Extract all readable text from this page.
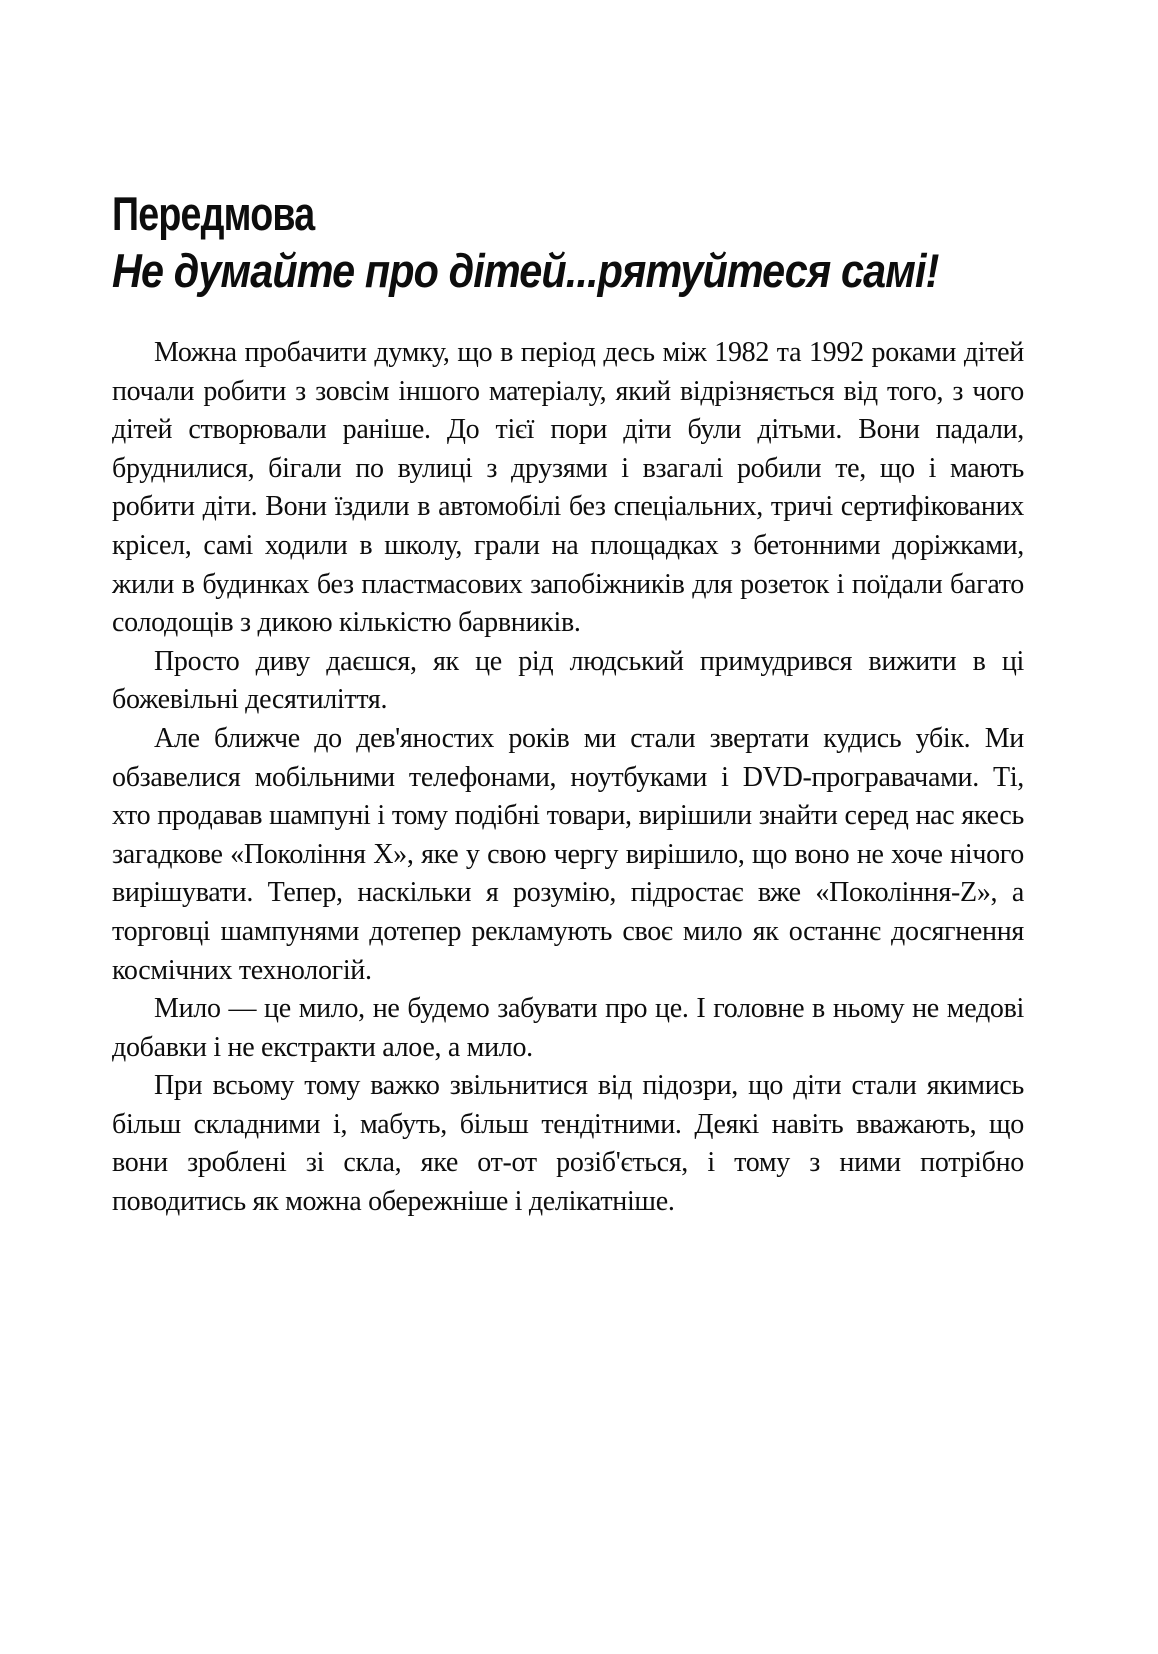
Передмова
Не думайте про дітей...рятуйтеся самі!

Можна пробачити думку, що в період десь між 1982 та 1992 роками дітей почали робити з зовсім іншого матеріалу, який відрізняється від того, з чого дітей створювали раніше. До тієї пори діти були дітьми. Вони падали, бруднилися, бігали по вулиці з друзями і взагалі робили те, що і мають робити діти. Вони їздили в автомобілі без спеціальних, тричі сертифікованих крісел, самі ходили в школу, грали на площадках з бетонними доріжками, жили в будинках без пластмасових запобіжників для розеток і поїдали багато солодощів з дикою кількістю барвників.

Просто диву даєшся, як це рід людський примудрився вижити в ці божевільні десятиліття.

Але ближче до дев'яностих років ми стали звертати кудись убік. Ми обзавелися мобільними телефонами, ноутбуками і DVD-програвачами. Ті, хто продавав шампуні і тому подібні товари, вирішили знайти серед нас якесь загадкове «Покоління X», яке у свою чергу вирішило, що воно не хоче нічого вирішувати. Тепер, наскільки я розумію, підростає вже «Покоління-Z», а торговці шампунями дотепер рекламують своє мило як останнє досягнення космічних технологій.

Мило — це мило, не будемо забувати про це. І головне в ньому не медові добавки і не екстракти алое, а мило.

При всьому тому важко звільнитися від підозри, що діти стали якимись більш складними і, мабуть, більш тендітними. Деякі навіть вважають, що вони зроблені зі скла, яке от-от розіб'ється, і тому з ними потрібно поводитись як можна обережніше і делікатніше.
